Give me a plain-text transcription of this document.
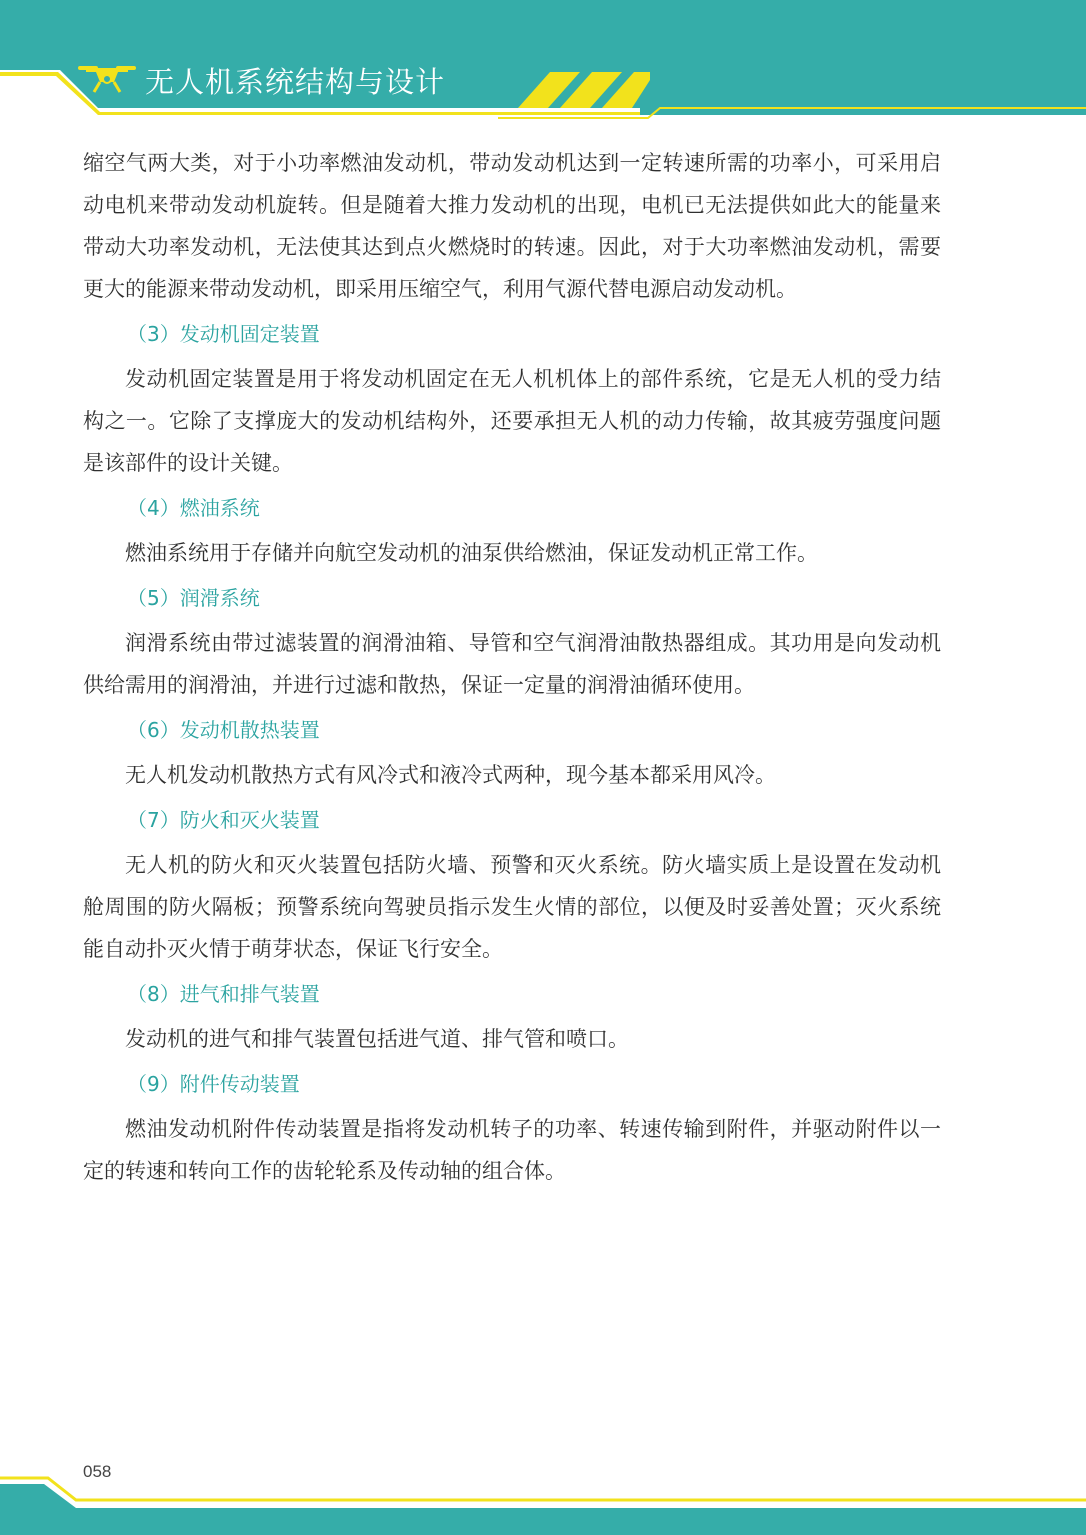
无人机系统结构与设计

缩空气两大类，对于小功率燃油发动机，带动发动机达到一定转速所需的功率小，可采用启动电机来带动发动机旋转。但是随着大推力发动机的出现，电机已无法提供如此大的能量来带动大功率发动机，无法使其达到点火燃烧时的转速。因此，对于大功率燃油发动机，需要更大的能源来带动发动机，即采用压缩空气，利用气源代替电源启动发动机。

（3）发动机固定装置

发动机固定装置是用于将发动机固定在无人机机体上的部件系统，它是无人机的受力结构之一。它除了支撑庞大的发动机结构外，还要承担无人机的动力传输，故其疲劳强度问题是该部件的设计关键。

（4）燃油系统

燃油系统用于存储并向航空发动机的油泵供给燃油，保证发动机正常工作。

（5）润滑系统

润滑系统由带过滤装置的润滑油箱、导管和空气润滑油散热器组成。其功用是向发动机供给需用的润滑油，并进行过滤和散热，保证一定量的润滑油循环使用。

（6）发动机散热装置

无人机发动机散热方式有风冷式和液冷式两种，现今基本都采用风冷。

（7）防火和灭火装置

无人机的防火和灭火装置包括防火墙、预警和灭火系统。防火墙实质上是设置在发动机舱周围的防火隔板；预警系统向驾驶员指示发生火情的部位，以便及时妥善处置；灭火系统能自动扑灭火情于萌芽状态，保证飞行安全。

（8）进气和排气装置

发动机的进气和排气装置包括进气道、排气管和喷口。

（9）附件传动装置

燃油发动机附件传动装置是指将发动机转子的功率、转速传输到附件，并驱动附件以一定的转速和转向工作的齿轮轮系及传动轴的组合体。

058
